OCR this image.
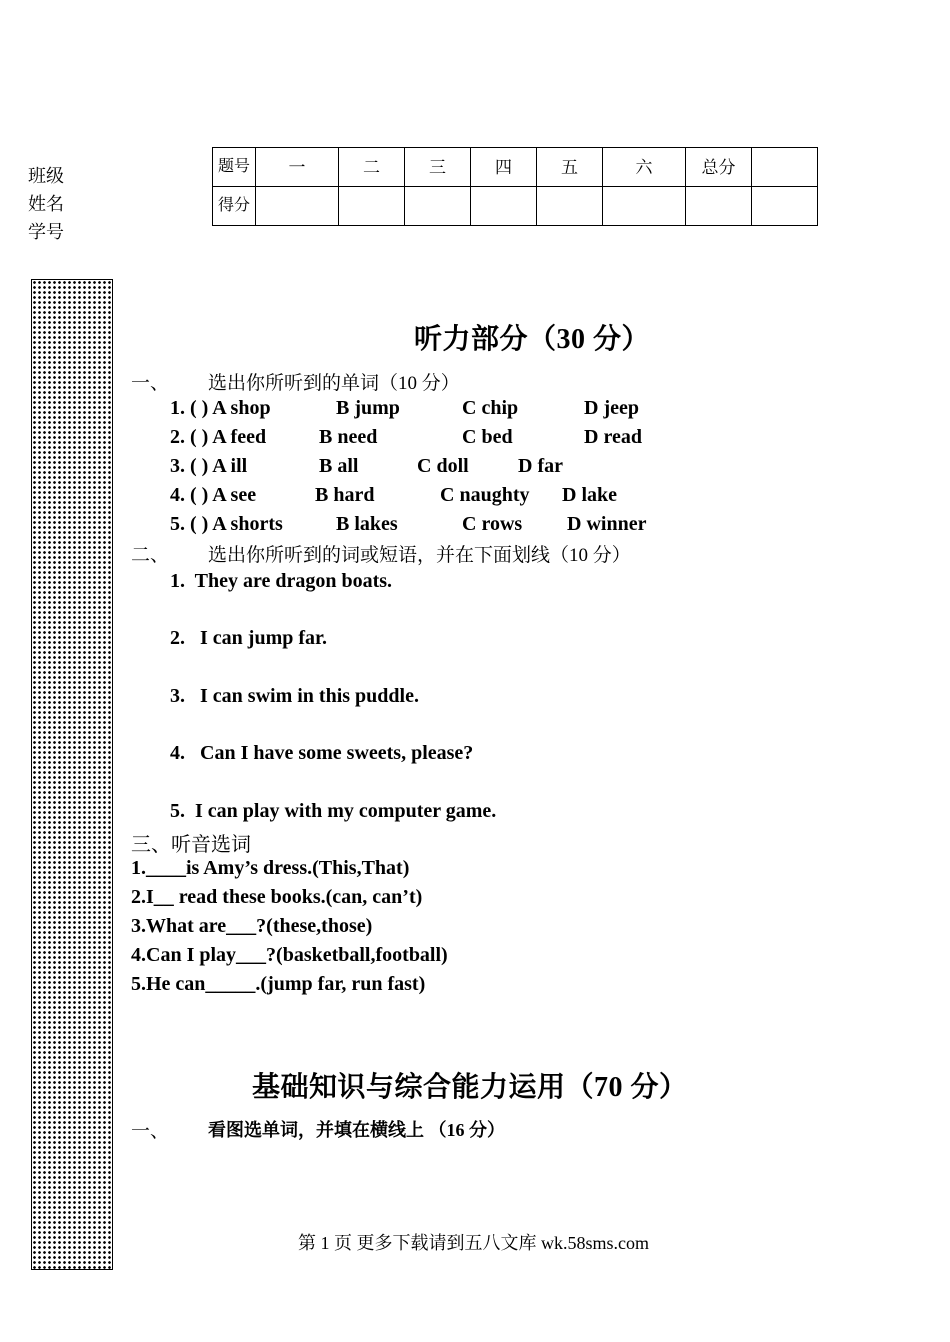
班级
姓名
学号
题号	一	二	三	四	五	六	总分	
得分								
听力部分（30 分）
一、 选出你所听到的单词（10 分）
1. ( ) A shop	B jump	C chip	D jeep
2. ( ) A feed	B need	C bed	D read
3. ( ) A ill	B all	C doll D far
4. ( ) A see	B hard	C naughty D lake
5. ( ) A shorts	B lakes	C rows D winner
二、 选出你所听到的词或短语，并在下面划线（10 分）
1.  They are dragon boats.
2.   I can jump far.
3.   I can swim in this puddle.
4.   Can I have some sweets, please?
5.  I can play with my computer game.
三、听音选词
1.____is Amy’s dress.(This,That)
2.I__ read these books.(can, can’t)
3.What are___?(these,those)
4.Can I play___?(basketball,football)
5.He can_____.(jump far, run fast)
基础知识与综合能力运用（70 分）
一、 看图选单词，并填在横线上 （16 分）
第 1 页 更多下载请到五八文库 wk.58sms.com
